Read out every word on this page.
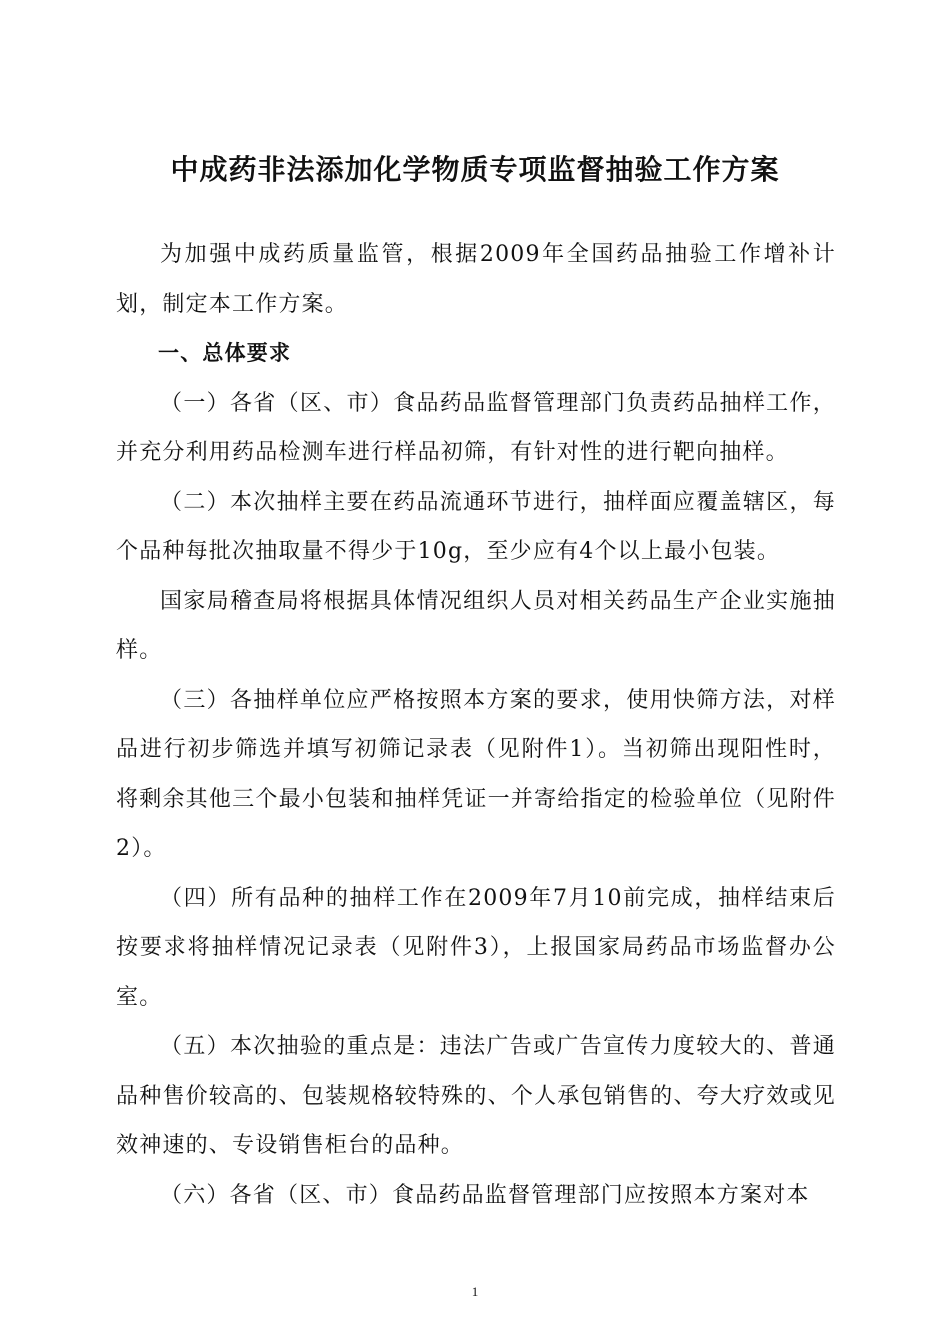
中成药非法添加化学物质专项监督抽验工作方案

为加强中成药质量监管，根据2009年全国药品抽验工作增补计划，制定本工作方案。

一、总体要求

（一）各省（区、市）食品药品监督管理部门负责药品抽样工作，并充分利用药品检测车进行样品初筛，有针对性的进行靶向抽样。

（二）本次抽样主要在药品流通环节进行，抽样面应覆盖辖区，每个品种每批次抽取量不得少于10g，至少应有4个以上最小包装。

国家局稽查局将根据具体情况组织人员对相关药品生产企业实施抽样。

（三）各抽样单位应严格按照本方案的要求，使用快筛方法，对样品进行初步筛选并填写初筛记录表（见附件1）。当初筛出现阳性时，将剩余其他三个最小包装和抽样凭证一并寄给指定的检验单位（见附件2）。

（四）所有品种的抽样工作在2009年7月10前完成，抽样结束后按要求将抽样情况记录表（见附件3），上报国家局药品市场监督办公室。

（五）本次抽验的重点是：违法广告或广告宣传力度较大的、普通品种售价较高的、包装规格较特殊的、个人承包销售的、夸大疗效或见效神速的、专设销售柜台的品种。

（六）各省（区、市）食品药品监督管理部门应按照本方案对本

1
